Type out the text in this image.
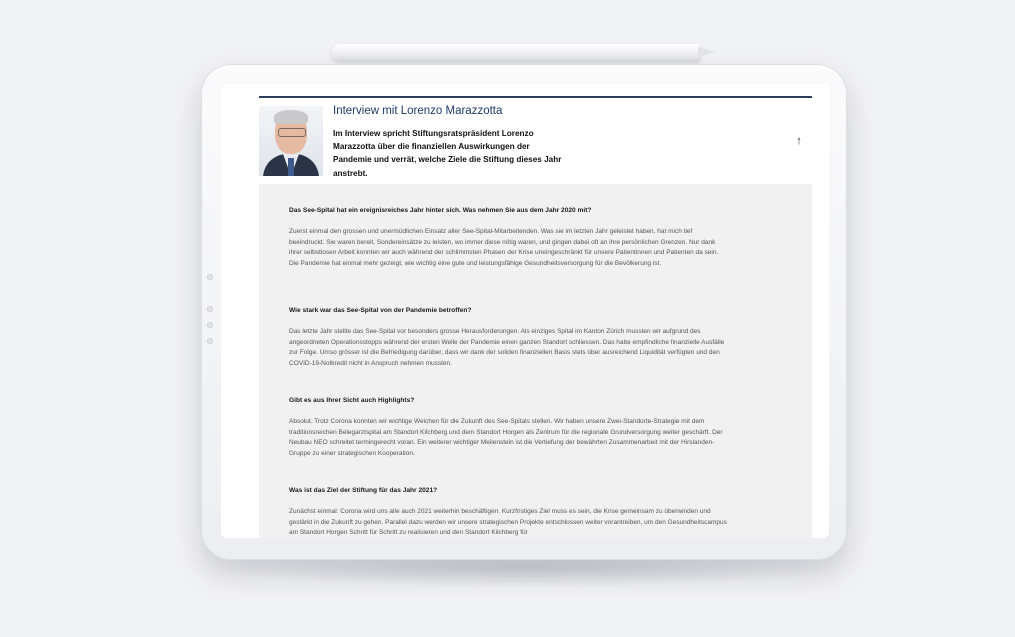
Interview mit Lorenzo Marazzotta
Im Interview spricht Stiftungsratspräsident Lorenzo Marazzotta über die finanziellen Auswirkungen der Pandemie und verrät, welche Ziele die Stiftung dieses Jahr anstrebt.
↑
Das See-Spital hat ein ereignisreiches Jahr hinter sich. Was nehmen Sie aus dem Jahr 2020 mit?
Zuerst einmal den grossen und unermüdlichen Einsatz aller See-Spital-Mitarbeitenden. Was sie im letzten Jahr geleistet haben, hat mich tief beeindruckt. Sie waren bereit, Sondereinsätze zu leisten, wo immer diese nötig waren, und gingen dabei oft an ihre persönlichen Grenzen. Nur dank ihrer selbstlosen Arbeit konnten wir auch während der schlimmsten Phasen der Krise uneingeschränkt für unsere Patientinnen und Patienten da sein. Die Pandemie hat einmal mehr gezeigt, wie wichtig eine gute und leistungsfähige Gesundheitsversorgung für die Bevölkerung ist.
Wie stark war das See-Spital von der Pandemie betroffen?
Das letzte Jahr stellte das See-Spital vor besonders grosse Herausforderungen. Als einziges Spital im Kanton Zürich mussten wir aufgrund des angeordneten Operationsstopps während der ersten Welle der Pandemie einen ganzen Standort schliessen. Das hatte empfindliche finanzielle Ausfälle zur Folge. Umso grösser ist die Befriedigung darüber, dass wir dank der soliden finanziellen Basis stets über ausreichend Liquidität verfügten und den COVID-19-Notkredit nicht in Anspruch nehmen mussten.
Gibt es aus Ihrer Sicht auch Highlights?
Absolut. Trotz Corona konnten wir wichtige Weichen für die Zukunft des See-Spitals stellen. Wir haben unsere Zwei-Standorte-Strategie mit dem traditionsreichen Belegarztspital am Standort Kilchberg und dem Standort Horgen als Zentrum für die regionale Grundversorgung weiter geschärft. Der Neubau NEO schreitet termingerecht voran. Ein weiterer wichtiger Meilenstein ist die Vertiefung der bewährten Zusammenarbeit mit der Hirslanden-Gruppe zu einer strategischen Kooperation.
Was ist das Ziel der Stiftung für das Jahr 2021?
Zunächst einmal: Corona wird uns alle auch 2021 weiterhin beschäftigen. Kurzfristiges Ziel muss es sein, die Krise gemeinsam zu überwinden und gestärkt in die Zukunft zu gehen. Parallel dazu werden wir unsere strategischen Projekte entschlossen weiter vorantreiben, um den Gesundheitscampus am Standort Horgen Schritt für Schritt zu realisieren und den Standort Kilchberg für
